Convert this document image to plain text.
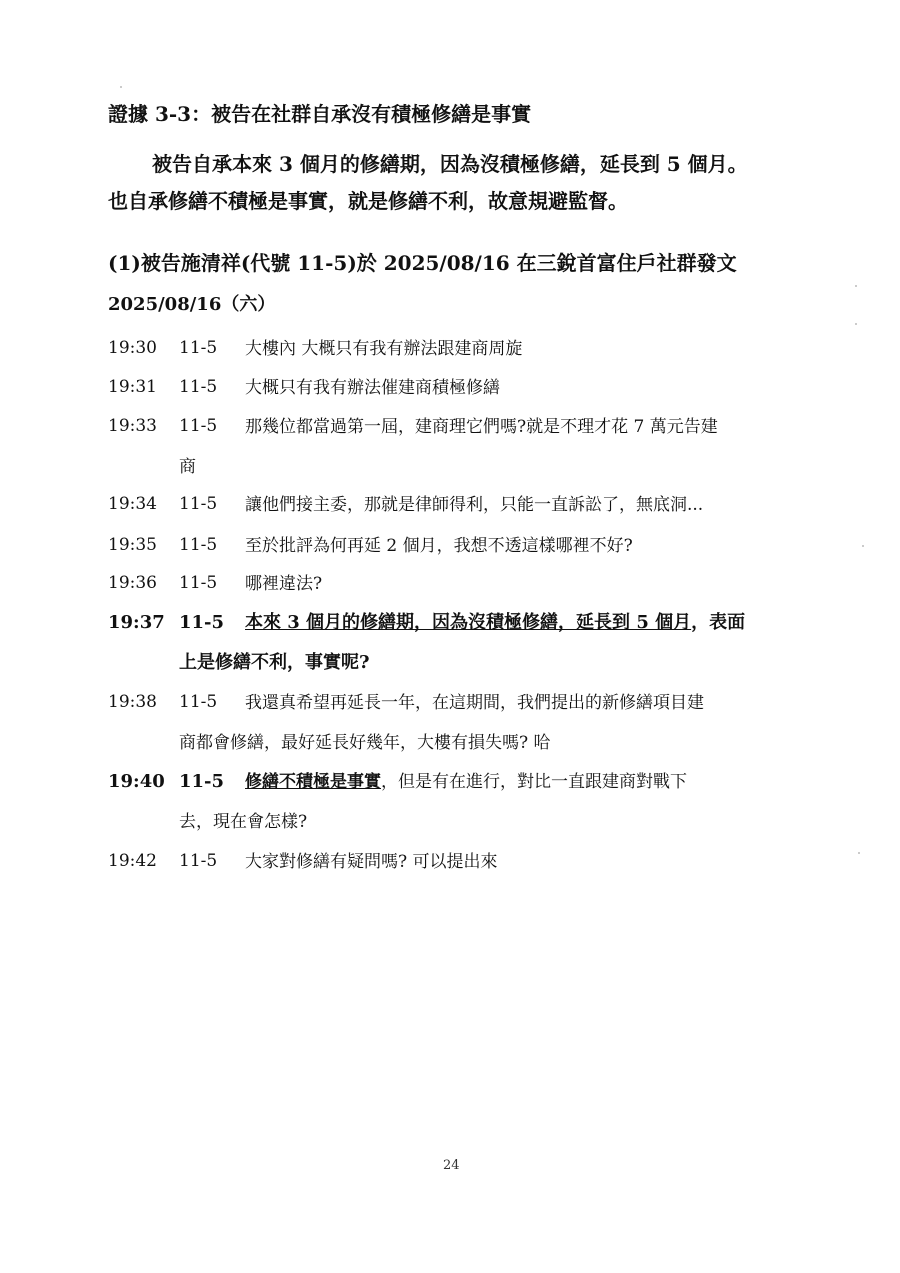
證據 3-3：被告在社群自承沒有積極修繕是事實
被告自承本來 3 個月的修繕期，因為沒積極修繕，延長到 5 個月。
也自承修繕不積極是事實，就是修繕不利，故意規避監督。
(1)被告施清祥(代號 11-5)於 2025/08/16 在三銳首富住戶社群發文
2025/08/16（六）
19:30 11-5 大樓內 大概只有我有辦法跟建商周旋
19:31 11-5 大概只有我有辦法催建商積極修繕
19:33 11-5 那幾位都當過第一屆，建商理它們嗎?就是不理才花 7 萬元告建
商
19:34 11-5 讓他們接主委，那就是律師得利，只能一直訴訟了，無底洞...
19:35 11-5 至於批評為何再延 2 個月，我想不透這樣哪裡不好?
19:36 11-5 哪裡違法?
19:37 11-5 本來 3 個月的修繕期，因為沒積極修繕，延長到 5 個月，表面
上是修繕不利，事實呢?
19:38 11-5 我還真希望再延長一年，在這期間，我們提出的新修繕項目建
商都會修繕，最好延長好幾年，大樓有損失嗎? 哈
19:40 11-5 修繕不積極是事實，但是有在進行，對比一直跟建商對戰下
去，現在會怎樣?
19:42 11-5 大家對修繕有疑問嗎? 可以提出來
24
